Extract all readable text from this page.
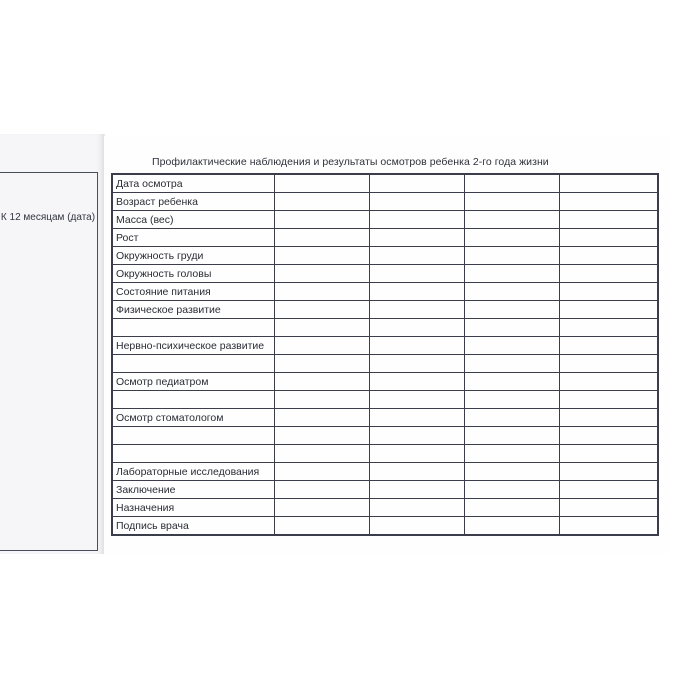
К 12 месяцам (дата)
Профилактические наблюдения и результаты осмотров ребенка 2-го года жизни
Дата осмотра				
Возраст ребенка				
Масса (вес)				
Рост				
Окружность груди				
Окружность головы				
Состояние питания				
Физическое развитие				

Нервно-психическое развитие				

Осмотр педиатром				

Осмотр стоматологом				

Лабораторные исследования				
Заключение				
Назначения				
Подпись врача				
